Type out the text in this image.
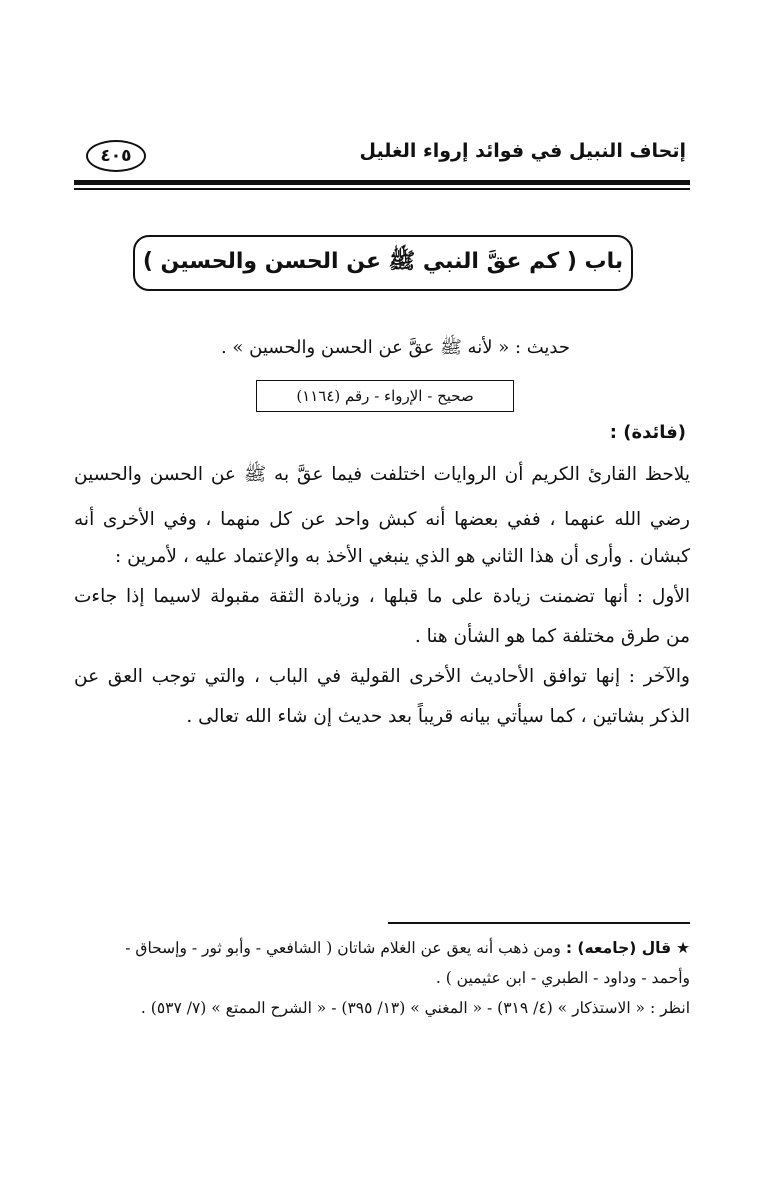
إتحاف النبيل في فوائد إرواء الغليل
٤٠٥
باب ( كم عقَّ النبي ﷺ عن الحسن والحسين )
حديث : « لأنه ﷺ عقَّ عن الحسن والحسين » .
صحيح - الإرواء - رقم (١١٦٤)
(فائدة) :
يلاحظ القارئ الكريم أن الروايات اختلفت فيما عقَّ به ﷺ عن الحسن والحسين
رضي الله عنهما ، ففي بعضها أنه كبش واحد عن كل منهما ، وفي الأخرى أنه
كبشان . وأرى أن هذا الثاني هو الذي ينبغي الأخذ به والإعتماد عليه ، لأمرين :
الأول : أنها تضمنت زيادة على ما قبلها ، وزيادة الثقة مقبولة لاسيما إذا جاءت
من طرق مختلفة كما هو الشأن هنا .
والآخر : إنها توافق الأحاديث الأخرى القولية في الباب ، والتي توجب العق عن
الذكر بشاتين ، كما سيأتي بيانه قريباً بعد حديث إن شاء الله تعالى .
★ قال (جامعه) : ومن ذهب أنه يعق عن الغلام شاتان ( الشافعي - وأبو ثور - وإسحاق -
وأحمد - وداود - الطبري - ابن عثيمين ) .
انظر : « الاستذكار » (٤/ ٣١٩) - « المغني » (١٣/ ٣٩٥) - « الشرح الممتع » (٧/ ٥٣٧) .
